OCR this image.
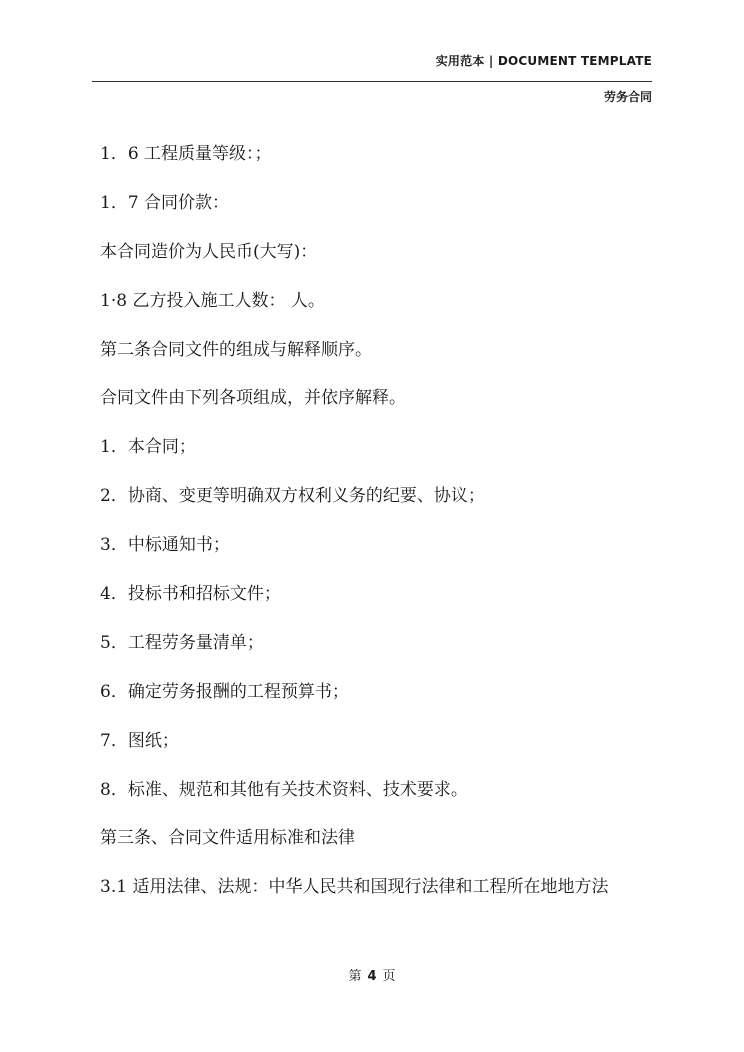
实用范本 | DOCUMENT TEMPLATE
劳务合同
1．6 工程质量等级：；
1．7 合同价款：
本合同造价为人民币(大写)：
1·8 乙方投入施工人数： 人。
第二条合同文件的组成与解释顺序。
合同文件由下列各项组成，并依序解释。
1．本合同；
2．协商、变更等明确双方权利义务的纪要、协议；
3．中标通知书；
4．投标书和招标文件；
5．工程劳务量清单；
6．确定劳务报酬的工程预算书；
7．图纸；
8．标准、规范和其他有关技术资料、技术要求。
第三条、合同文件适用标准和法律
3.1 适用法律、法规：中华人民共和国现行法律和工程所在地地方法
第 4 页
